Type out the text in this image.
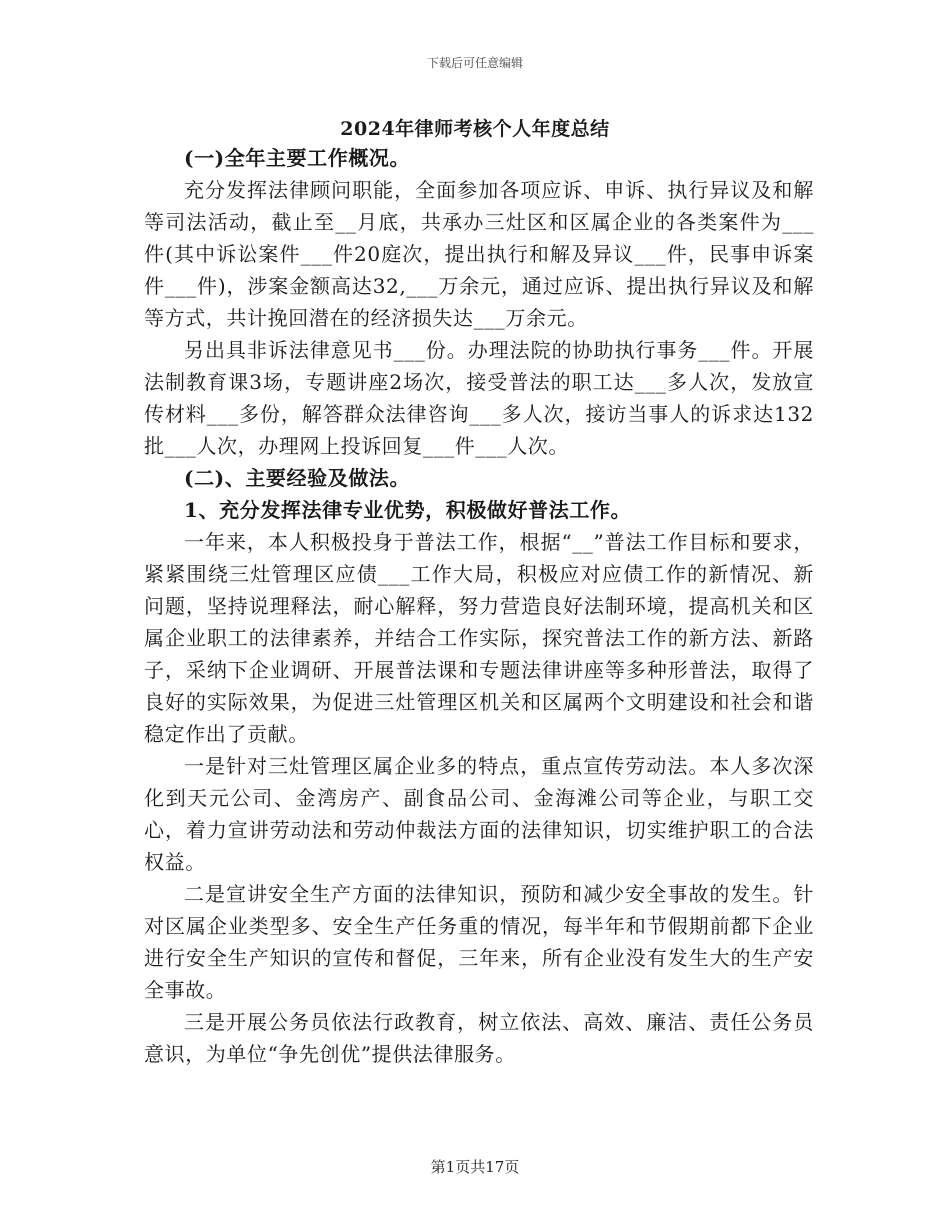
下载后可任意编辑
2024年律师考核个人年度总结

(一)全年主要工作概况。

充分发挥法律顾问职能，全面参加各项应诉、申诉、执行异议及和解等司法活动，截止至__月底，共承办三灶区和区属企业的各类案件为___件(其中诉讼案件___件20庭次，提出执行和解及异议___件，民事申诉案件___件)，涉案金额高达32,___万余元，通过应诉、提出执行异议及和解等方式，共计挽回潜在的经济损失达___万余元。

另出具非诉法律意见书___份。办理法院的协助执行事务___件。开展法制教育课3场，专题讲座2场次，接受普法的职工达___多人次，发放宣传材料___多份，解答群众法律咨询___多人次，接访当事人的诉求达132批___人次，办理网上投诉回复___件___人次。

(二)、主要经验及做法。

1、充分发挥法律专业优势，积极做好普法工作。

一年来，本人积极投身于普法工作，根据“__”普法工作目标和要求，紧紧围绕三灶管理区应债___工作大局，积极应对应债工作的新情况、新问题，坚持说理释法，耐心解释，努力营造良好法制环境，提高机关和区属企业职工的法律素养，并结合工作实际，探究普法工作的新方法、新路子，采纳下企业调研、开展普法课和专题法律讲座等多种形普法，取得了良好的实际效果，为促进三灶管理区机关和区属两个文明建设和社会和谐稳定作出了贡献。

一是针对三灶管理区属企业多的特点，重点宣传劳动法。本人多次深化到天元公司、金湾房产、副食品公司、金海滩公司等企业，与职工交心，着力宣讲劳动法和劳动仲裁法方面的法律知识，切实维护职工的合法权益。

二是宣讲安全生产方面的法律知识，预防和减少安全事故的发生。针对区属企业类型多、安全生产任务重的情况，每半年和节假期前都下企业进行安全生产知识的宣传和督促，三年来，所有企业没有发生大的生产安全事故。

三是开展公务员依法行政教育，树立依法、高效、廉洁、责任公务员意识，为单位“争先创优”提供法律服务。

第1页共17页
